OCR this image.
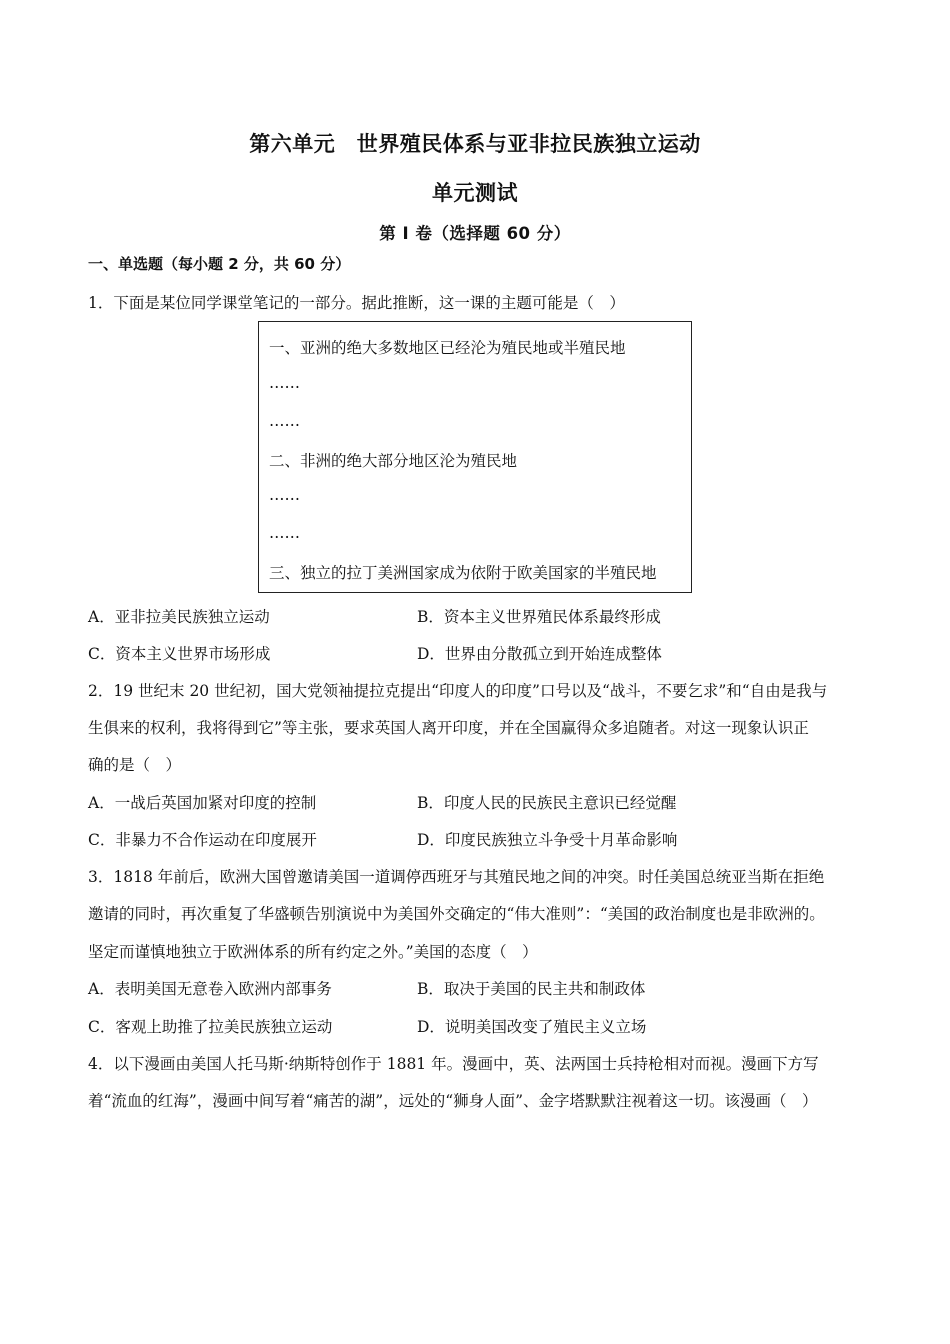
第六单元　世界殖民体系与亚非拉民族独立运动
单元测试
第 I 卷（选择题 60 分）
一、单选题（每小题 2 分，共 60 分）
1．下面是某位同学课堂笔记的一部分。据此推断，这一课的主题可能是（　）
一、亚洲的绝大多数地区已经沦为殖民地或半殖民地
……
……
二、非洲的绝大部分地区沦为殖民地
……
……
三、独立的拉丁美洲国家成为依附于欧美国家的半殖民地
A．亚非拉美民族独立运动	B．资本主义世界殖民体系最终形成
C．资本主义世界市场形成	D．世界由分散孤立到开始连成整体
2．19 世纪末 20 世纪初，国大党领袖提拉克提出“印度人的印度”口号以及“战斗，不要乞求”和“自由是我与
生俱来的权利，我将得到它”等主张，要求英国人离开印度，并在全国赢得众多追随者。对这一现象认识正
确的是（　）
A．一战后英国加紧对印度的控制	B．印度人民的民族民主意识已经觉醒
C．非暴力不合作运动在印度展开	D．印度民族独立斗争受十月革命影响
3．1818 年前后，欧洲大国曾邀请美国一道调停西班牙与其殖民地之间的冲突。时任美国总统亚当斯在拒绝
邀请的同时，再次重复了华盛顿告别演说中为美国外交确定的“伟大准则”：“美国的政治制度也是非欧洲的。
坚定而谨慎地独立于欧洲体系的所有约定之外。”美国的态度（　）
A．表明美国无意卷入欧洲内部事务	B．取决于美国的民主共和制政体
C．客观上助推了拉美民族独立运动	D．说明美国改变了殖民主义立场
4．以下漫画由美国人托马斯·纳斯特创作于 1881 年。漫画中，英、法两国士兵持枪相对而视。漫画下方写
着“流血的红海”，漫画中间写着“痛苦的湖”，远处的“狮身人面”、金字塔默默注视着这一切。该漫画（　）
